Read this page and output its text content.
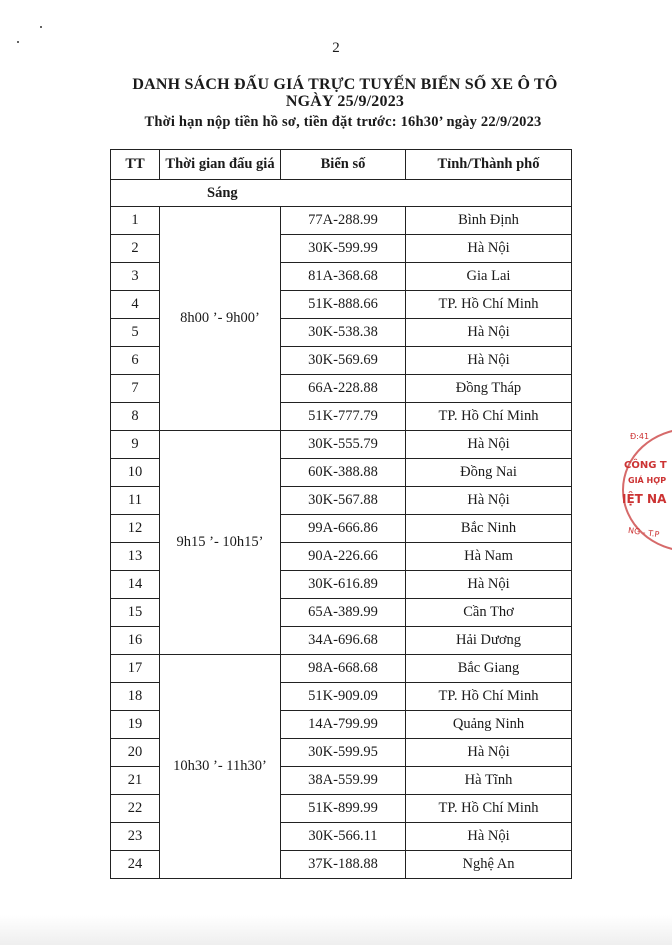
2
DANH SÁCH ĐẤU GIÁ TRỰC TUYẾN BIỂN SỐ XE Ô TÔ
NGÀY 25/9/2023
Thời hạn nộp tiền hồ sơ, tiền đặt trước: 16h30’ ngày 22/9/2023
TT	Thời gian đấu giá	Biển số	Tỉnh/Thành phố
Sáng			
1	8h00 ’- 9h00’	77A-288.99	Bình Định
2		30K-599.99	Hà Nội
3		81A-368.68	Gia Lai
4		51K-888.66	TP. Hồ Chí Minh
5		30K-538.38	Hà Nội
6		30K-569.69	Hà Nội
7		66A-228.88	Đồng Tháp
8		51K-777.79	TP. Hồ Chí Minh
9	9h15 ’- 10h15’	30K-555.79	Hà Nội
10		60K-388.88	Đồng Nai
11		30K-567.88	Hà Nội
12		99A-666.86	Bắc Ninh
13		90A-226.66	Hà Nam
14		30K-616.89	Hà Nội
15		65A-389.99	Cần Thơ
16		34A-696.68	Hải Dương
17	10h30 ’- 11h30’	98A-668.68	Bắc Giang
18		51K-909.09	TP. Hồ Chí Minh
19		14A-799.99	Quảng Ninh
20		30K-599.95	Hà Nội
21		38A-559.99	Hà Tĩnh
22		51K-899.99	TP. Hồ Chí Minh
23		30K-566.11	Hà Nội
24		37K-188.88	Nghệ An
Đ:41
CÔNG T
GIÁ HỢP
IỆT NA
NG - T.P
